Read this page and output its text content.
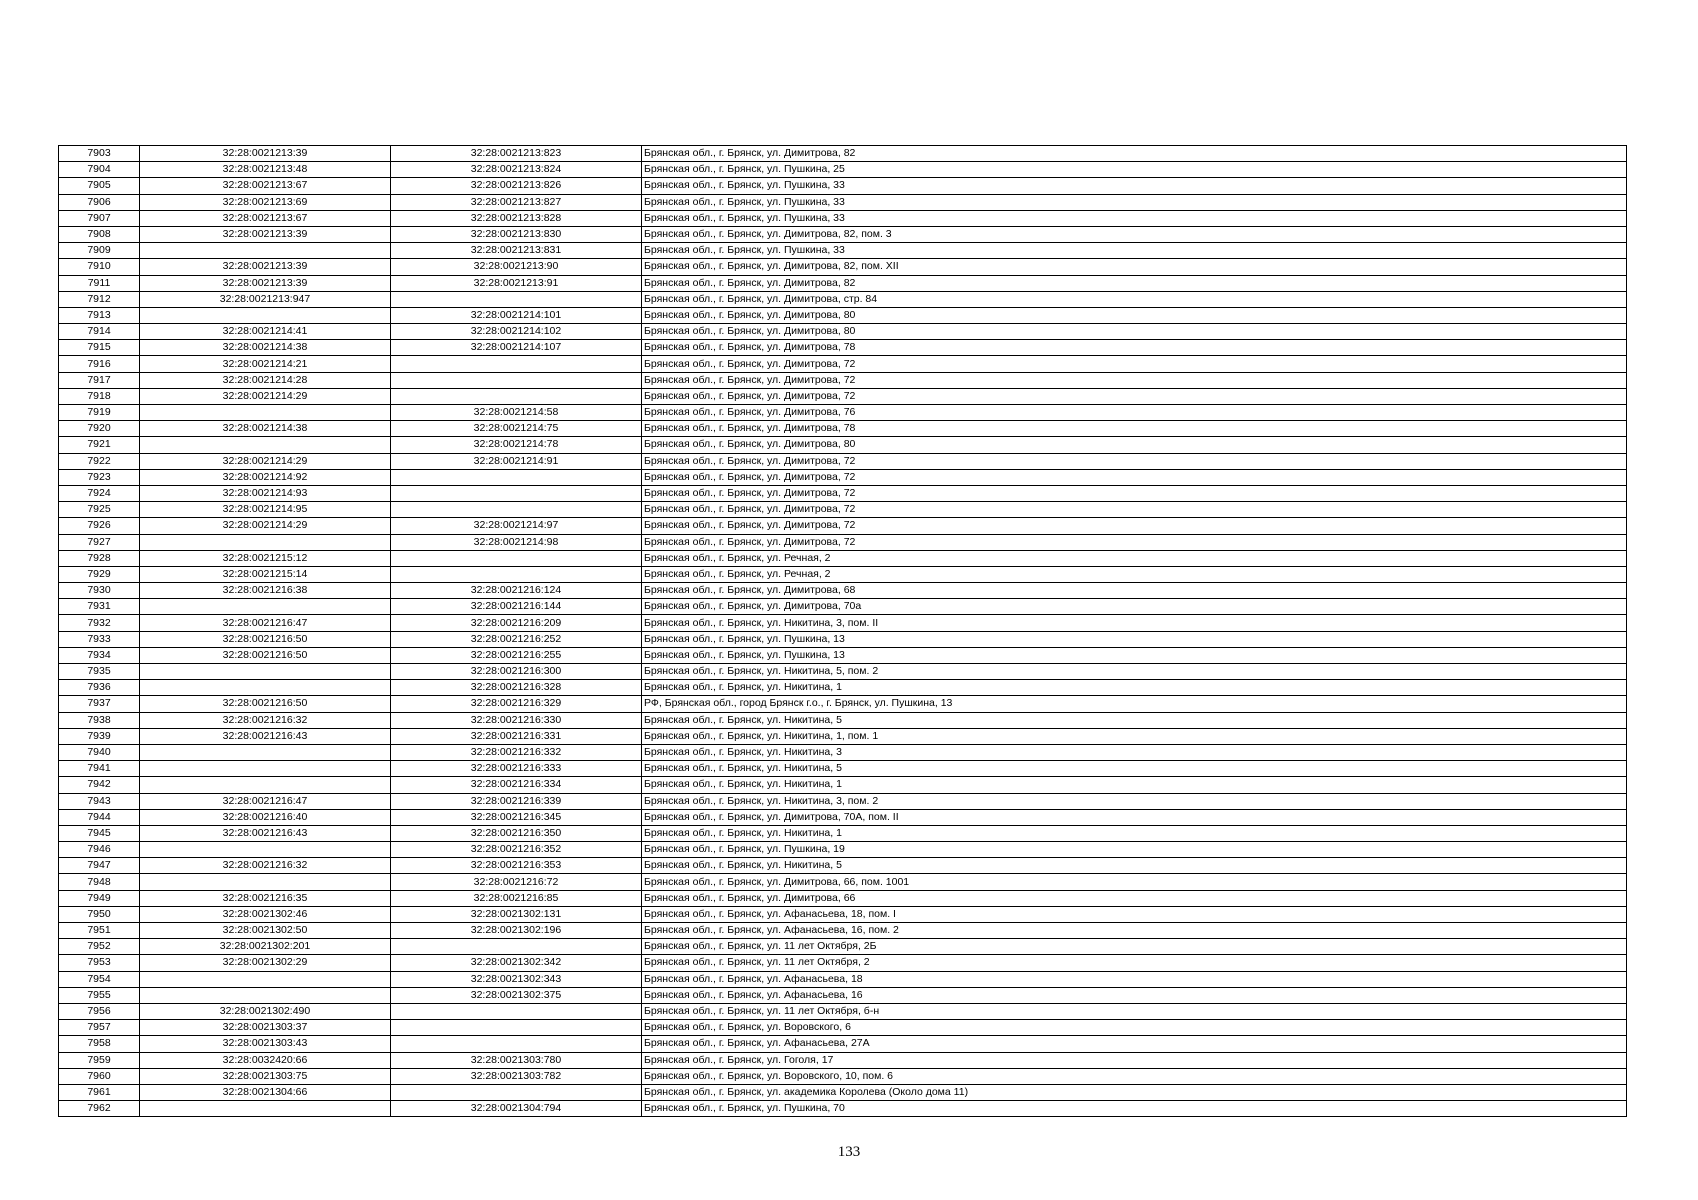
7903	32:28:0021213:39	32:28:0021213:823	Брянская обл., г. Брянск, ул. Димитрова, 82
7904	32:28:0021213:48	32:28:0021213:824	Брянская обл., г. Брянск, ул. Пушкина, 25
7905	32:28:0021213:67	32:28:0021213:826	Брянская обл., г. Брянск, ул. Пушкина, 33
7906	32:28:0021213:69	32:28:0021213:827	Брянская обл., г. Брянск, ул. Пушкина, 33
7907	32:28:0021213:67	32:28:0021213:828	Брянская обл., г. Брянск, ул. Пушкина, 33
7908	32:28:0021213:39	32:28:0021213:830	Брянская обл., г. Брянск, ул. Димитрова, 82, пом. 3
7909		32:28:0021213:831	Брянская обл., г. Брянск, ул. Пушкина, 33
7910	32:28:0021213:39	32:28:0021213:90	Брянская обл., г. Брянск, ул. Димитрова, 82, пом. XII
7911	32:28:0021213:39	32:28:0021213:91	Брянская обл., г. Брянск, ул. Димитрова, 82
7912	32:28:0021213:947		Брянская обл., г. Брянск, ул. Димитрова, стр. 84
7913		32:28:0021214:101	Брянская обл., г. Брянск, ул. Димитрова, 80
7914	32:28:0021214:41	32:28:0021214:102	Брянская обл., г. Брянск, ул. Димитрова, 80
7915	32:28:0021214:38	32:28:0021214:107	Брянская обл., г. Брянск, ул. Димитрова, 78
7916	32:28:0021214:21		Брянская обл., г. Брянск, ул. Димитрова, 72
7917	32:28:0021214:28		Брянская обл., г. Брянск, ул. Димитрова, 72
7918	32:28:0021214:29		Брянская обл., г. Брянск, ул. Димитрова, 72
7919		32:28:0021214:58	Брянская обл., г. Брянск, ул. Димитрова, 76
7920	32:28:0021214:38	32:28:0021214:75	Брянская обл., г. Брянск, ул. Димитрова, 78
7921		32:28:0021214:78	Брянская обл., г. Брянск, ул. Димитрова, 80
7922	32:28:0021214:29	32:28:0021214:91	Брянская обл., г. Брянск, ул. Димитрова, 72
7923	32:28:0021214:92		Брянская обл., г. Брянск, ул. Димитрова, 72
7924	32:28:0021214:93		Брянская обл., г. Брянск, ул. Димитрова, 72
7925	32:28:0021214:95		Брянская обл., г. Брянск, ул. Димитрова, 72
7926	32:28:0021214:29	32:28:0021214:97	Брянская обл., г. Брянск, ул. Димитрова, 72
7927		32:28:0021214:98	Брянская обл., г. Брянск, ул. Димитрова, 72
7928	32:28:0021215:12		Брянская обл., г. Брянск, ул. Речная, 2
7929	32:28:0021215:14		Брянская обл., г. Брянск, ул. Речная, 2
7930	32:28:0021216:38	32:28:0021216:124	Брянская обл., г. Брянск, ул. Димитрова, 68
7931		32:28:0021216:144	Брянская обл., г. Брянск, ул. Димитрова, 70а
7932	32:28:0021216:47	32:28:0021216:209	Брянская обл., г. Брянск, ул. Никитина, 3, пом. II
7933	32:28:0021216:50	32:28:0021216:252	Брянская обл., г. Брянск, ул. Пушкина, 13
7934	32:28:0021216:50	32:28:0021216:255	Брянская обл., г. Брянск, ул. Пушкина, 13
7935		32:28:0021216:300	Брянская обл., г. Брянск, ул. Никитина, 5, пом. 2
7936		32:28:0021216:328	Брянская обл., г. Брянск, ул. Никитина, 1
7937	32:28:0021216:50	32:28:0021216:329	РФ, Брянская обл., город Брянск г.о., г. Брянск, ул. Пушкина, 13
7938	32:28:0021216:32	32:28:0021216:330	Брянская обл., г. Брянск, ул. Никитина, 5
7939	32:28:0021216:43	32:28:0021216:331	Брянская обл., г. Брянск, ул. Никитина, 1, пом. 1
7940		32:28:0021216:332	Брянская обл., г. Брянск, ул. Никитина, 3
7941		32:28:0021216:333	Брянская обл., г. Брянск, ул. Никитина, 5
7942		32:28:0021216:334	Брянская обл., г. Брянск, ул. Никитина, 1
7943	32:28:0021216:47	32:28:0021216:339	Брянская обл., г. Брянск, ул. Никитина, 3, пом. 2
7944	32:28:0021216:40	32:28:0021216:345	Брянская обл., г. Брянск, ул. Димитрова, 70А, пом. II
7945	32:28:0021216:43	32:28:0021216:350	Брянская обл., г. Брянск, ул. Никитина, 1
7946		32:28:0021216:352	Брянская обл., г. Брянск, ул. Пушкина, 19
7947	32:28:0021216:32	32:28:0021216:353	Брянская обл., г. Брянск, ул. Никитина, 5
7948		32:28:0021216:72	Брянская обл., г. Брянск, ул. Димитрова, 66, пом. 1001
7949	32:28:0021216:35	32:28:0021216:85	Брянская обл., г. Брянск, ул. Димитрова, 66
7950	32:28:0021302:46	32:28:0021302:131	Брянская обл., г. Брянск, ул. Афанасьева, 18, пом. I
7951	32:28:0021302:50	32:28:0021302:196	Брянская обл., г. Брянск, ул. Афанасьева, 16, пом. 2
7952	32:28:0021302:201		Брянская обл., г. Брянск, ул. 11 лет Октября, 2Б
7953	32:28:0021302:29	32:28:0021302:342	Брянская обл., г. Брянск, ул. 11 лет Октября, 2
7954		32:28:0021302:343	Брянская обл., г. Брянск, ул. Афанасьева, 18
7955		32:28:0021302:375	Брянская обл., г. Брянск, ул. Афанасьева, 16
7956	32:28:0021302:490		Брянская обл., г. Брянск, ул. 11 лет Октября, б-н
7957	32:28:0021303:37		Брянская обл., г. Брянск, ул. Воровского, 6
7958	32:28:0021303:43		Брянская обл., г. Брянск, ул. Афанасьева, 27А
7959	32:28:0032420:66	32:28:0021303:780	Брянская обл., г. Брянск, ул. Гоголя, 17
7960	32:28:0021303:75	32:28:0021303:782	Брянская обл., г. Брянск, ул. Воровского, 10, пом. 6
7961	32:28:0021304:66		Брянская обл., г. Брянск, ул. академика Королева (Около дома 11)
7962		32:28:0021304:794	Брянская обл., г. Брянск, ул. Пушкина, 70
133
